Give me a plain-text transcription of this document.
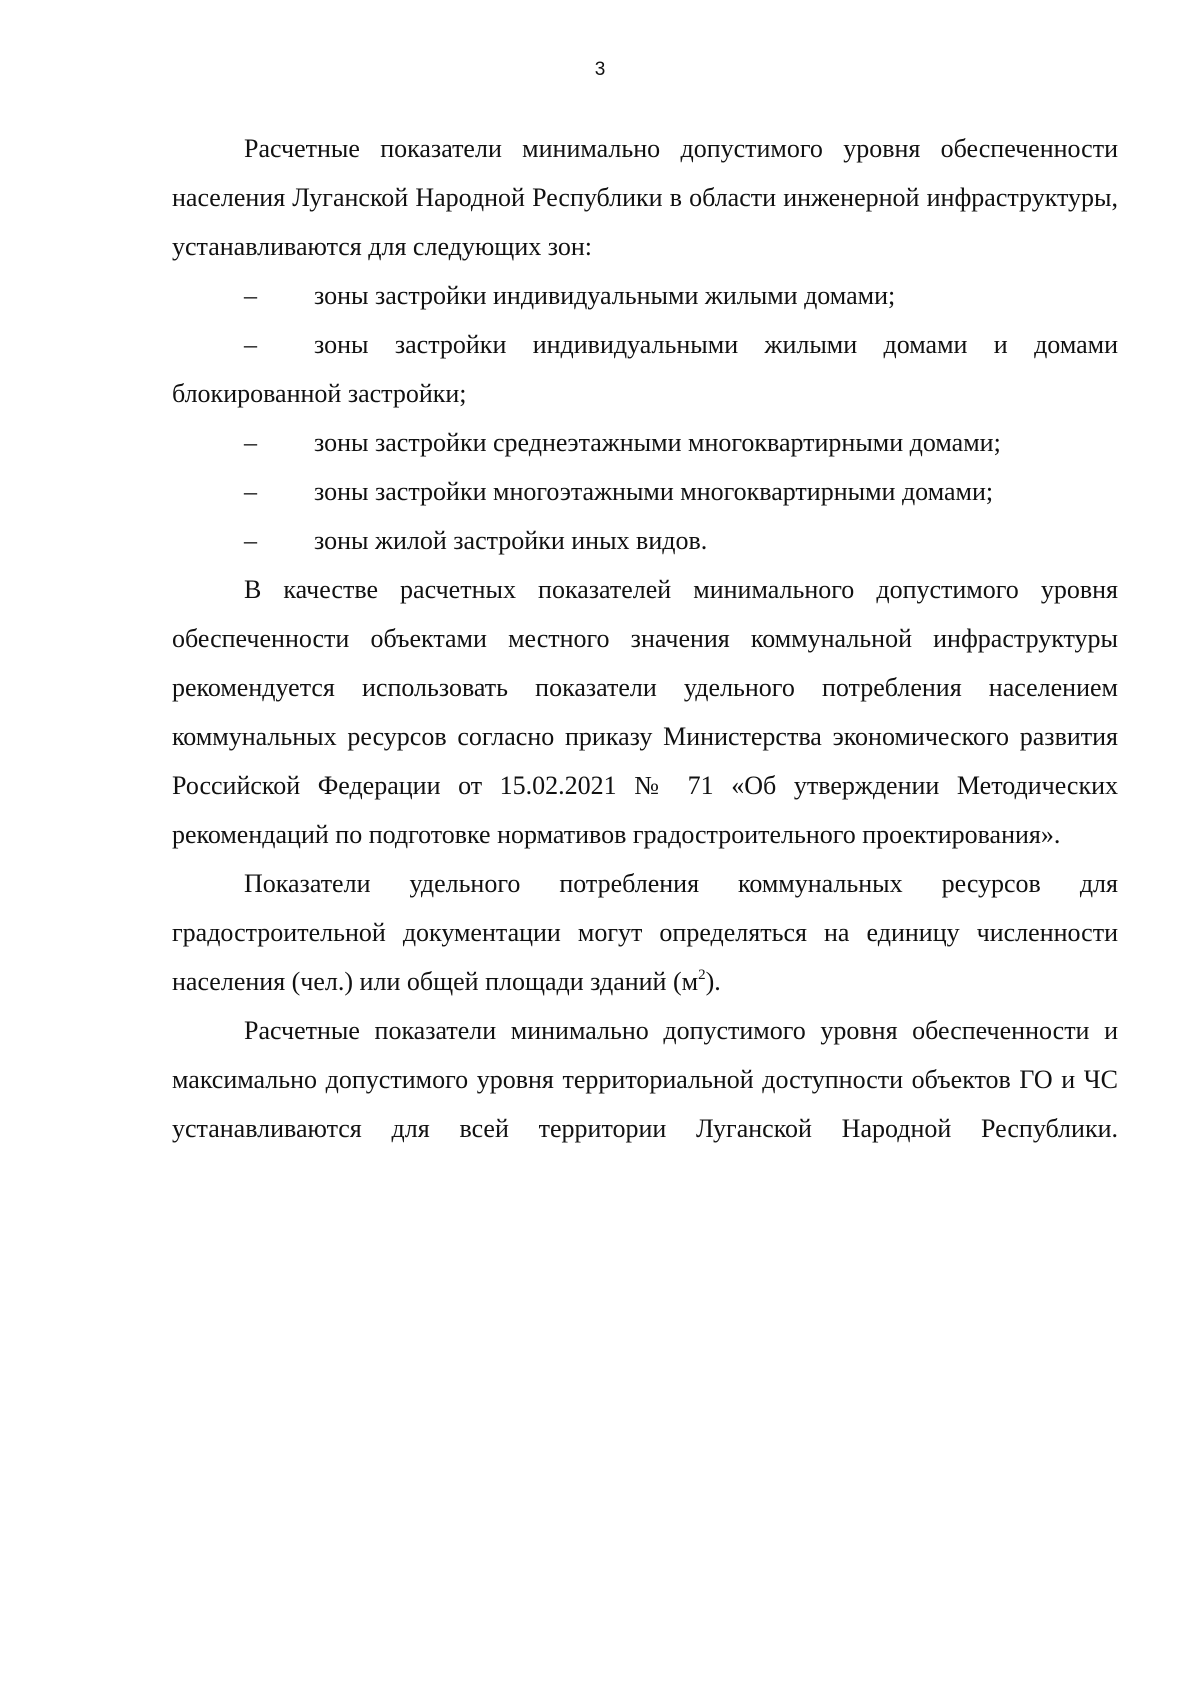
3

Расчетные показатели минимально допустимого уровня обеспеченности населения Луганской Народной Республики в области инженерной инфраструктуры, устанавливаются для следующих зон:

– зоны застройки индивидуальными жилыми домами;

– зоны застройки индивидуальными жилыми домами и домами блокированной застройки;

– зоны застройки среднеэтажными многоквартирными домами;

– зоны застройки многоэтажными многоквартирными домами;

– зоны жилой застройки иных видов.

В качестве расчетных показателей минимального допустимого уровня обеспеченности объектами местного значения коммунальной инфраструктуры рекомендуется использовать показатели удельного потребления населением коммунальных ресурсов согласно приказу Министерства экономического развития Российской Федерации от 15.02.2021 № 71 «Об утверждении Методических рекомендаций по подготовке нормативов градостроительного проектирования».

Показатели удельного потребления коммунальных ресурсов для градостроительной документации могут определяться на единицу численности населения (чел.) или общей площади зданий $(м^2)$.

Расчетные показатели минимально допустимого уровня обеспеченности и максимально допустимого уровня территориальной доступности объектов ГО и ЧС устанавливаются для всей территории Луганской Народной Республики.
